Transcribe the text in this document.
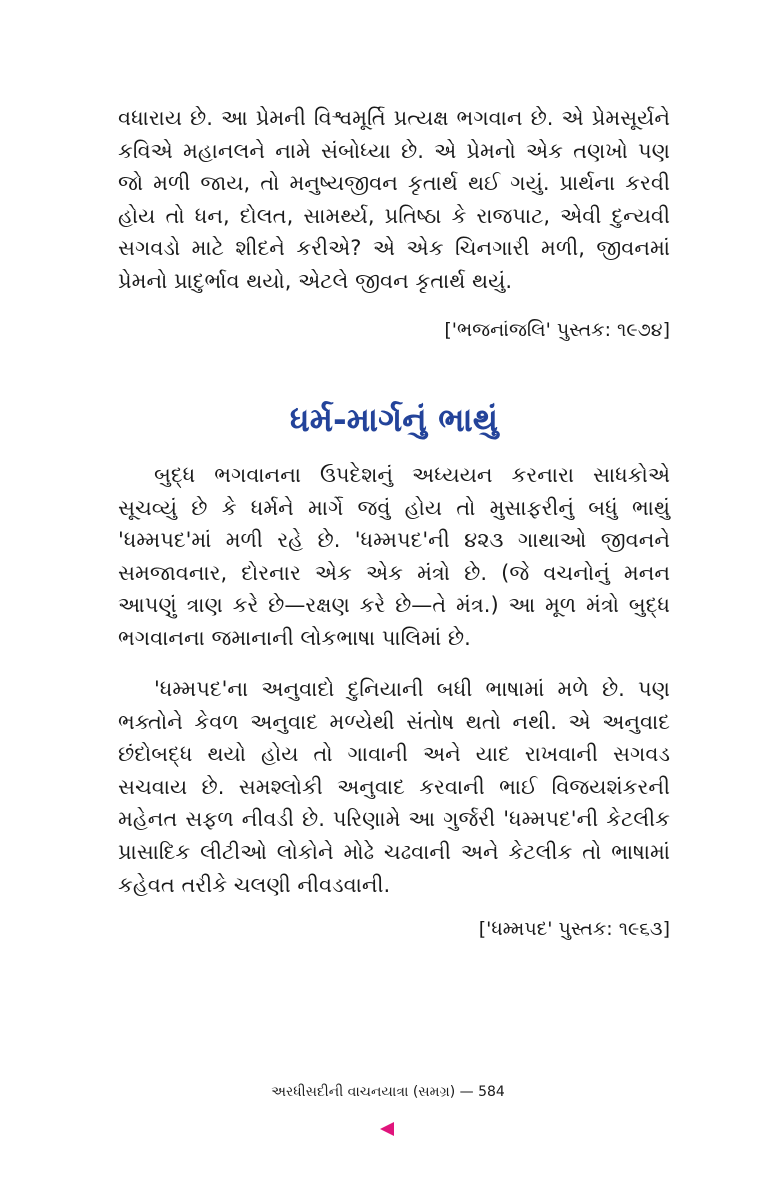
વધારાય છે. આ પ્રેમની વિશ્વમૂર્તિ પ્રત્યક્ષ ભગવાન છે. એ પ્રેમસૂર્યને કવિએ મહાનલને નામે સંબોધ્યા છે. એ પ્રેમનો એક તણખો પણ જો મળી જાય, તો મનુષ્યજીવન કૃતાર્થ થઈ ગયું. પ્રાર્થના કરવી હોય તો ધન, દોલત, સામર્થ્ય, પ્રતિષ્ઠા કે રાજપાટ, એવી દુન્યવી સગવડો માટે શીદને કરીએ? એ એક ચિનગારી મળી, જીવનમાં પ્રેમનો પ્રાદુર્ભાવ થયો, એટલે જીવન કૃતાર્થ થયું.

['ભજનાંજલિ' પુસ્તક: ૧૯૭૪]

ધર્મ-માર્ગનું ભાથું

બુદ્ધ ભગવાનના ઉપદેશનું અધ્યયન કરનારા સાધકોએ સૂચવ્યું છે કે ધર્મને માર્ગે જવું હોય તો મુસાફરીનું બધું ભાથું 'ધમ્મપદ'માં મળી રહે છે. 'ધમ્મપદ'ની ૪૨૩ ગાથાઓ જીવનને સમજાવનાર, દોરનાર એક એક મંત્રો છે. (જે વચનોનું મનન આપણું ત્રાણ કરે છે—રક્ષણ કરે છે—તે મંત્ર.) આ મૂળ મંત્રો બુદ્ધ ભગવાનના જમાનાની લોકભાષા પાલિમાં છે.

'ધમ્મપદ'ના અનુવાદો દુનિયાની બધી ભાષામાં મળે છે. પણ ભક્તોને કેવળ અનુવાદ મળ્યેથી સંતોષ થતો નથી. એ અનુવાદ છંદોબદ્ધ થયો હોય તો ગાવાની અને યાદ રાખવાની સગવડ સચવાય છે. સમશ્લોકી અનુવાદ કરવાની ભાઈ વિજયશંકરની મહેનત સફળ નીવડી છે. પરિણામે આ ગુર્જરી 'ધમ્મપદ'ની કેટલીક પ્રાસાદિક લીટીઓ લોકોને મોઢે ચઢવાની અને કેટલીક તો ભાષામાં કહેવત તરીકે ચલણી નીવડવાની.

['ધમ્મપદ' પુસ્તક: ૧૯૬૩]

અરધીસદીની વાચનયાત્રા (સમગ્ર) — 584
